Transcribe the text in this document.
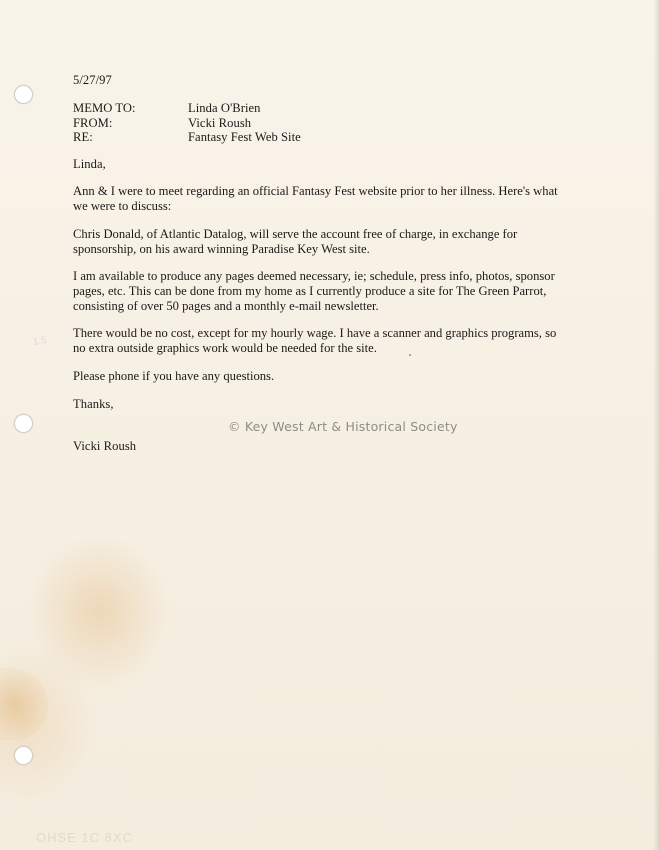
5/27/97
MEMO TO:	Linda O'Brien
FROM:	Vicki Roush
RE:	Fantasy Fest Web Site
Linda,
Ann & I were to meet regarding an official Fantasy Fest website prior to her illness. Here's what
we were to discuss:
Chris Donald, of Atlantic Datalog, will serve the account free of charge, in exchange for
sponsorship, on his award winning Paradise Key West site.
I am available to produce any pages deemed necessary, ie; schedule, press info, photos, sponsor
pages, etc. This can be done from my home as I currently produce a site for The Green Parrot,
consisting of over 50 pages and a monthly e-mail newsletter.
There would be no cost, except for my hourly wage. I have a scanner and graphics programs, so
no extra outside graphics work would be needed for the site.
Please phone if you have any questions.
Thanks,
© Key West Art & Historical Society
Vicki Roush
1.5
OHSE 1C 8XC
